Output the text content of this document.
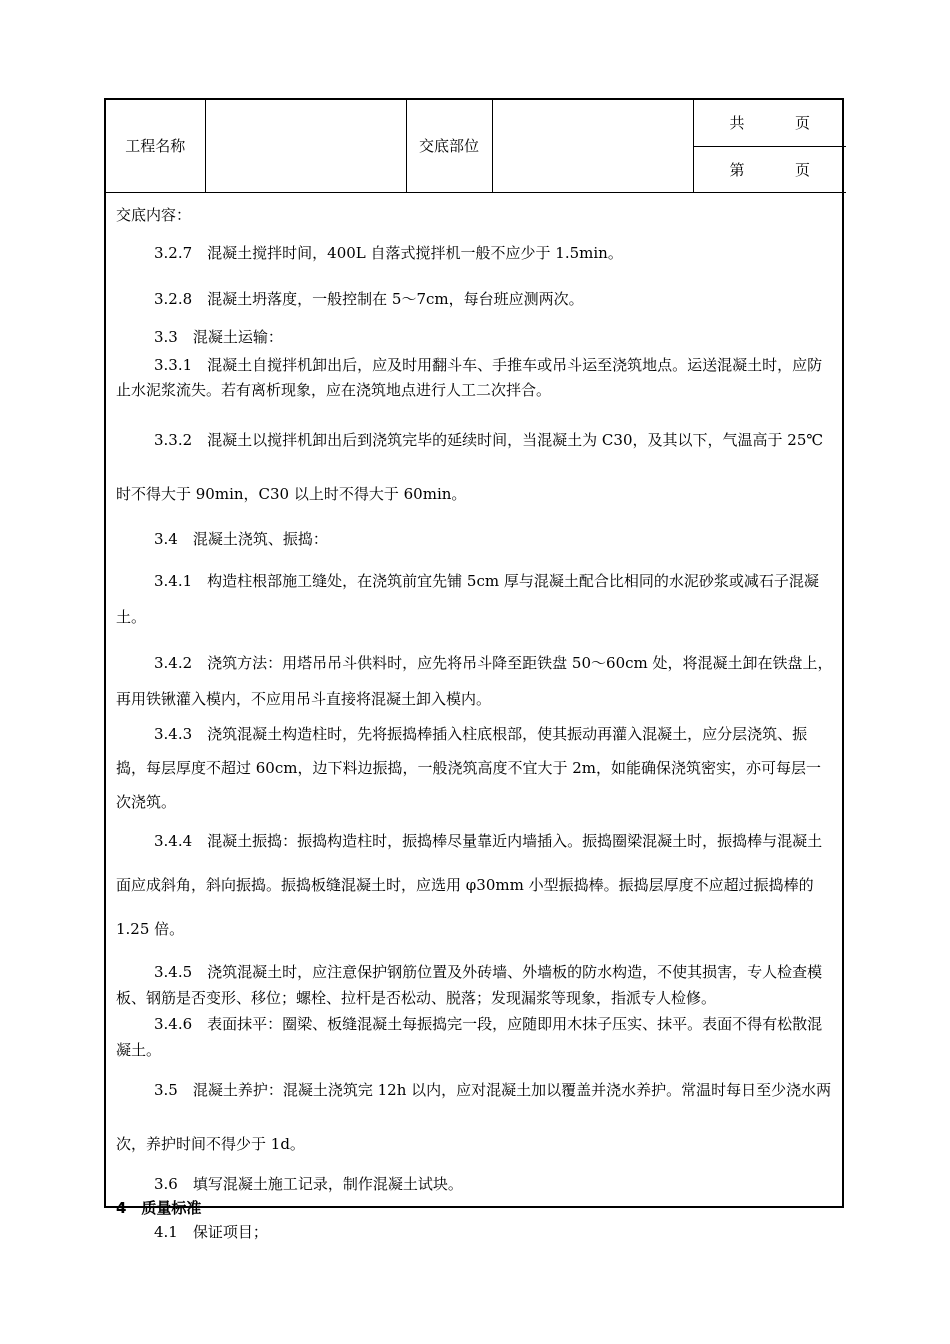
工程名称		交底部位		
共	页

第	页

交底内容：

3.2.7　混凝土搅拌时间，400L 自落式搅拌机一般不应少于 1.5min。

3.2.8　混凝土坍落度，一般控制在 5～7cm，每台班应测两次。

3.3　混凝土运输：

3.3.1　混凝土自搅拌机卸出后，应及时用翻斗车、手推车或吊斗运至浇筑地点。运送混凝土时，应防止水泥浆流失。若有离析现象，应在浇筑地点进行人工二次拌合。

3.3.2　混凝土以搅拌机卸出后到浇筑完毕的延续时间，当混凝土为 C30，及其以下，气温高于 25℃时不得大于 90min，C30 以上时不得大于 60min。

3.4　混凝土浇筑、振捣：

3.4.1　构造柱根部施工缝处，在浇筑前宜先铺 5cm 厚与混凝土配合比相同的水泥砂浆或减石子混凝土。

3.4.2　浇筑方法：用塔吊吊斗供料时，应先将吊斗降至距铁盘 50～60cm 处，将混凝土卸在铁盘上，再用铁锹灌入模内，不应用吊斗直接将混凝土卸入模内。

3.4.3　浇筑混凝土构造柱时，先将振捣棒插入柱底根部，使其振动再灌入混凝土，应分层浇筑、振捣，每层厚度不超过 60cm，边下料边振捣，一般浇筑高度不宜大于 2m，如能确保浇筑密实，亦可每层一次浇筑。

3.4.4　混凝土振捣：振捣构造柱时，振捣棒尽量靠近内墙插入。振捣圈梁混凝土时，振捣棒与混凝土面应成斜角，斜向振捣。振捣板缝混凝土时，应选用 φ30mm 小型振捣棒。振捣层厚度不应超过振捣棒的 1.25 倍。

3.4.5　浇筑混凝土时，应注意保护钢筋位置及外砖墙、外墙板的防水构造，不使其损害，专人检查模板、钢筋是否变形、移位；螺栓、拉杆是否松动、脱落；发现漏浆等现象，指派专人检修。

3.4.6　表面抹平：圈梁、板缝混凝土每振捣完一段，应随即用木抹子压实、抹平。表面不得有松散混凝土。

3.5　混凝土养护：混凝土浇筑完 12h 以内，应对混凝土加以覆盖并浇水养护。常温时每日至少浇水两次，养护时间不得少于 1d。

3.6　填写混凝土施工记录，制作混凝土试块。

4　质量标准

4.1　保证项目；
